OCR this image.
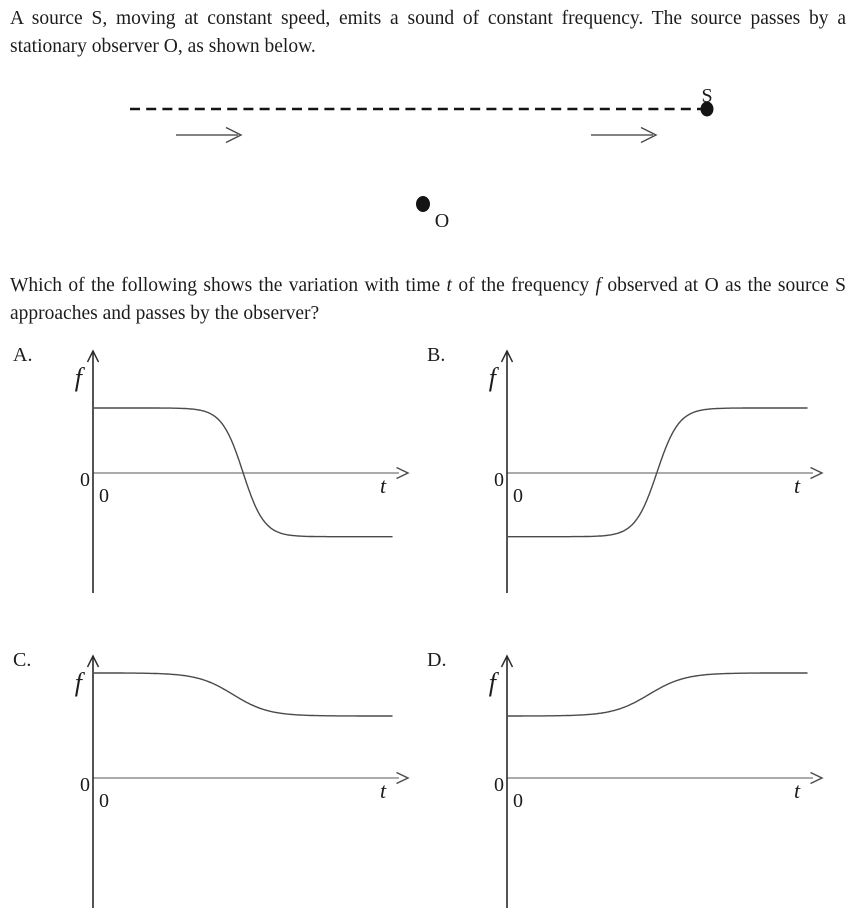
A source S, moving at constant speed, emits a sound of constant frequency. The source passes by a stationary observer O, as shown below.

S
O

Which of the following shows the variation with time t of the frequency f observed at O as the source S approaches and passes by the observer?

A.
f
t
0
0
B.
f
t
0
0
C.
f
t
0
0
D.
f
t
0
0
